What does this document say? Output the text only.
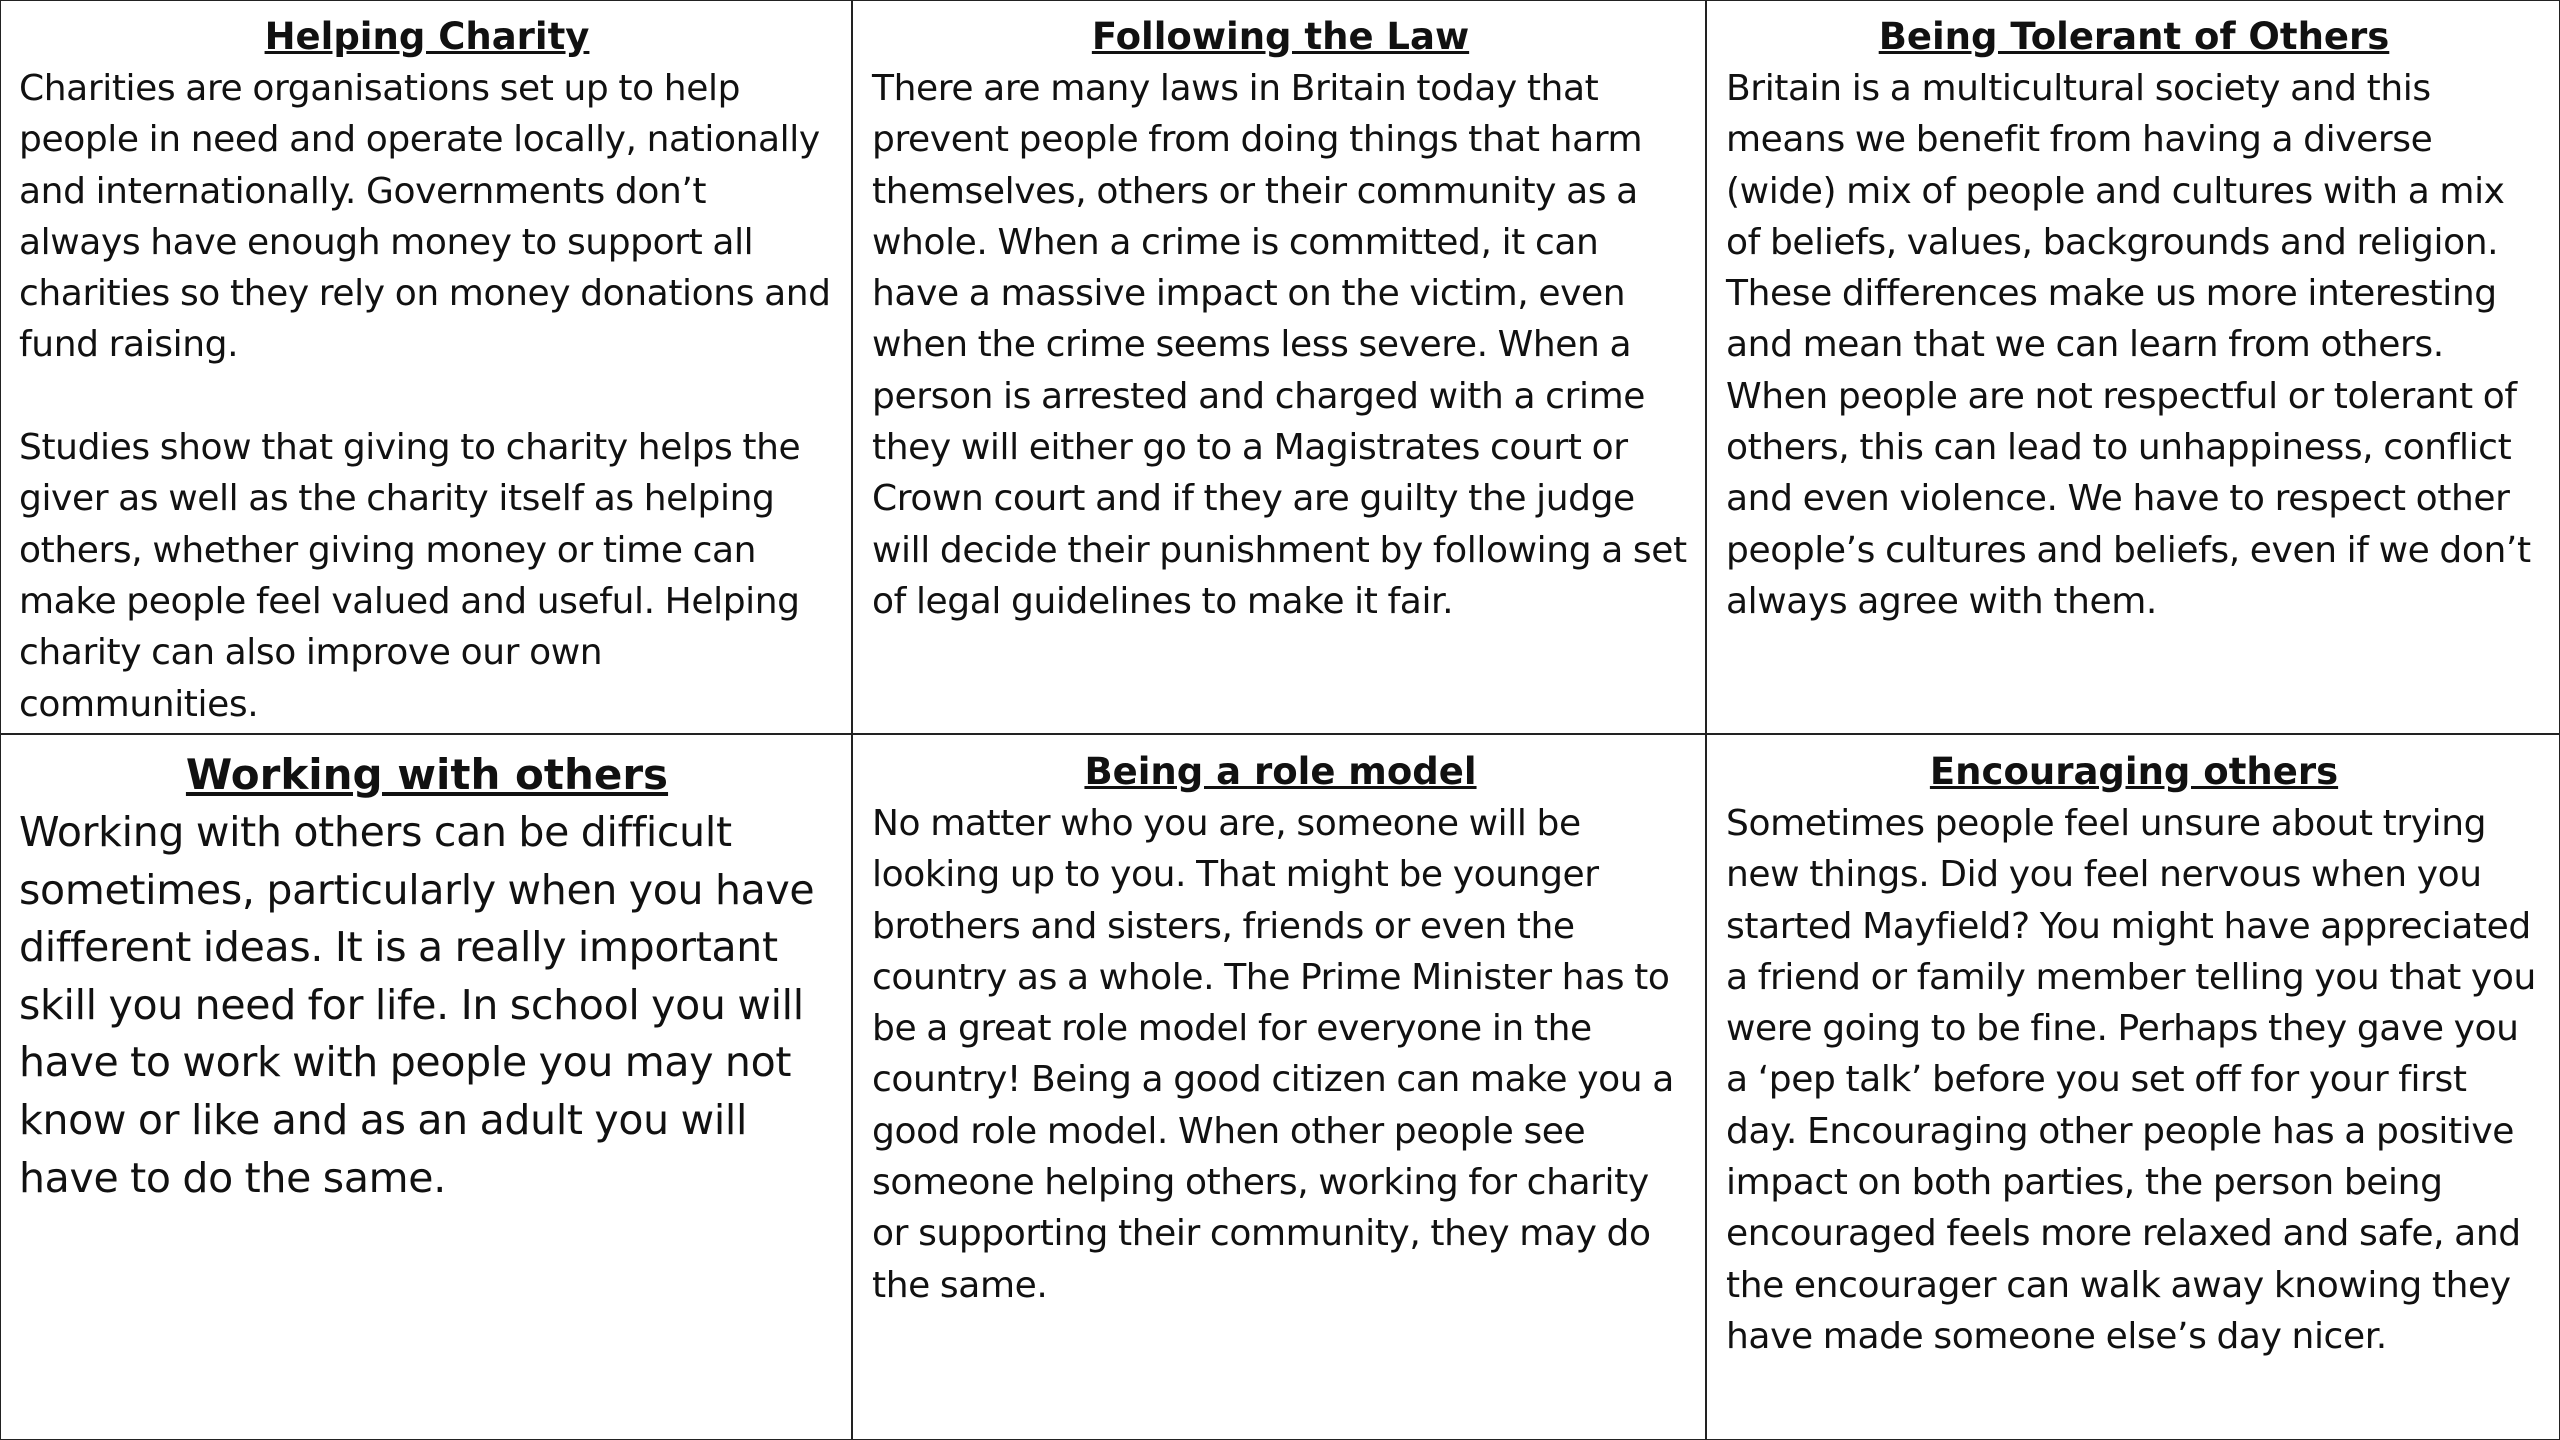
Helping Charity

Charities are organisations set up to help people in need and operate locally, nationally and internationally. Governments don’t always have enough money to support all charities so they rely on money donations and fund raising.

Studies show that giving to charity helps the giver as well as the charity itself as helping others, whether giving money or time can make people feel valued and useful. Helping charity can also improve our own communities.

Following the Law

There are many laws in Britain today that prevent people from doing things that harm themselves, others or their community as a whole. When a crime is committed, it can have a massive impact on the victim, even when the crime seems less severe. When a person is arrested and charged with a crime they will either go to a Magistrates court or Crown court and if they are guilty the judge will decide their punishment by following a set of legal guidelines to make it fair.

Being Tolerant of Others

Britain is a multicultural society and this means we benefit from having a diverse (wide) mix of people and cultures with a mix of beliefs, values, backgrounds and religion. These differences make us more interesting and mean that we can learn from others. When people are not respectful or tolerant of others, this can lead to unhappiness, conflict and even violence. We have to respect other people’s cultures and beliefs, even if we don’t always agree with them.

Working with others

Working with others can be difficult sometimes, particularly when you have different ideas. It is a really important skill you need for life. In school you will have to work with people you may not know or like and as an adult you will have to do the same.

Being a role model

No matter who you are, someone will be looking up to you. That might be younger brothers and sisters, friends or even the country as a whole. The Prime Minister has to be a great role model for everyone in the country! Being a good citizen can make you a good role model. When other people see someone helping others, working for charity or supporting their community, they may do the same.

Encouraging others

Sometimes people feel unsure about trying new things. Did you feel nervous when you started Mayfield? You might have appreciated a friend or family member telling you that you were going to be fine. Perhaps they gave you a ‘pep talk’ before you set off for your first day. Encouraging other people has a positive impact on both parties, the person being encouraged feels more relaxed and safe, and the encourager can walk away knowing they have made someone else’s day nicer.
